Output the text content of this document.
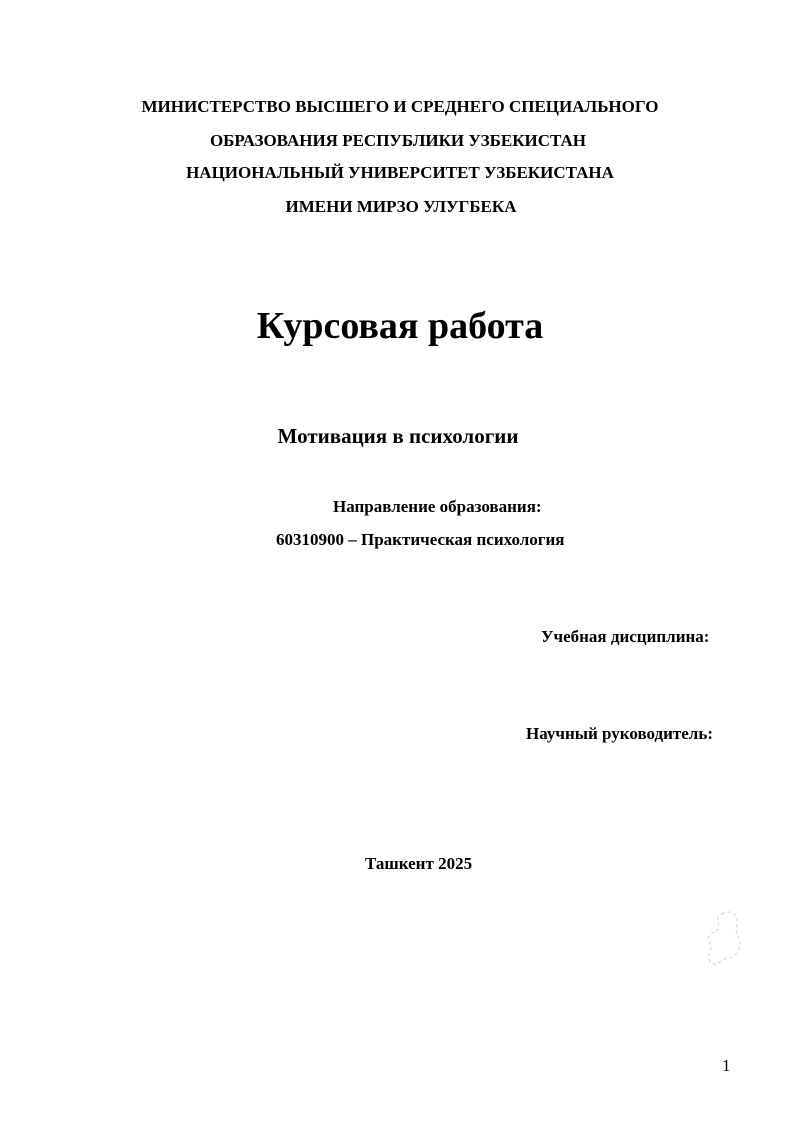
МИНИСТЕРСТВО ВЫСШЕГО И СРЕДНЕГО СПЕЦИАЛЬНОГО
ОБРАЗОВАНИЯ РЕСПУБЛИКИ УЗБЕКИСТАН
НАЦИОНАЛЬНЫЙ УНИВЕРСИТЕТ УЗБЕКИСТАНА
ИМЕНИ МИРЗО УЛУГБЕКА
Курсовая работа
Мотивация в психологии
Направление образования:
60310900 – Практическая психология
Учебная дисциплина:
Научный руководитель:
Ташкент 2025
1
